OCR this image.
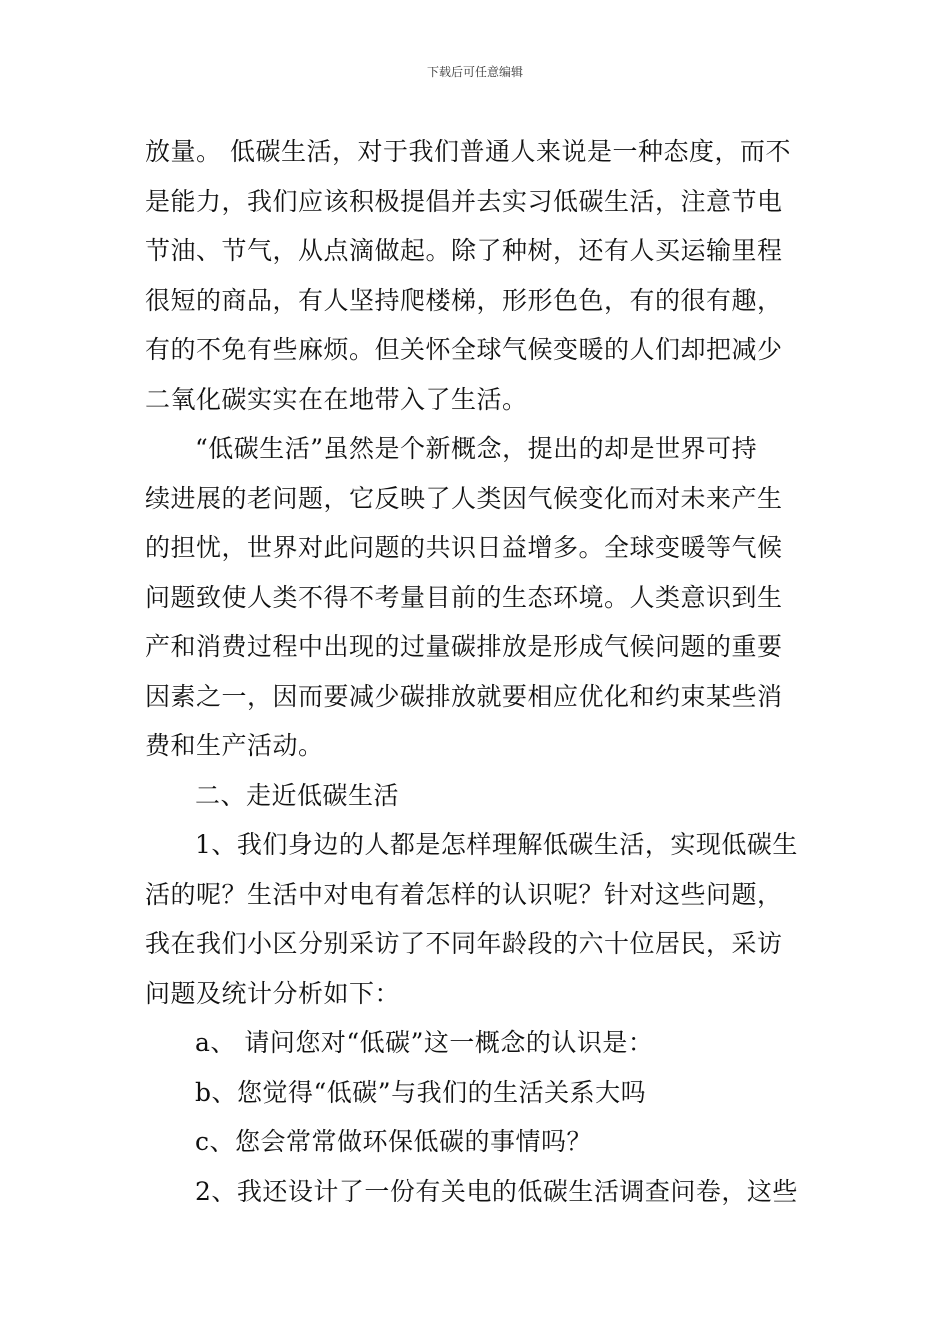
下载后可任意编辑
放量。 低碳生活，对于我们普通人来说是一种态度，而不
是能力，我们应该积极提倡并去实习低碳生活，注意节电
节油、节气，从点滴做起。除了种树，还有人买运输里程
很短的商品，有人坚持爬楼梯，形形色色，有的很有趣，
有的不免有些麻烦。但关怀全球气候变暖的人们却把减少
二氧化碳实实在在地带入了生活。
“低碳生活”虽然是个新概念，提出的却是世界可持
续进展的老问题，它反映了人类因气候变化而对未来产生
的担忧，世界对此问题的共识日益增多。全球变暖等气候
问题致使人类不得不考量目前的生态环境。人类意识到生
产和消费过程中出现的过量碳排放是形成气候问题的重要
因素之一，因而要减少碳排放就要相应优化和约束某些消
费和生产活动。
二、走近低碳生活
1、我们身边的人都是怎样理解低碳生活，实现低碳生
活的呢？生活中对电有着怎样的认识呢？针对这些问题，
我在我们小区分别采访了不同年龄段的六十位居民，采访
问题及统计分析如下：
a、 请问您对“低碳”这一概念的认识是：
b、您觉得“低碳”与我们的生活关系大吗
c、您会常常做环保低碳的事情吗？
2、我还设计了一份有关电的低碳生活调查问卷，这些
